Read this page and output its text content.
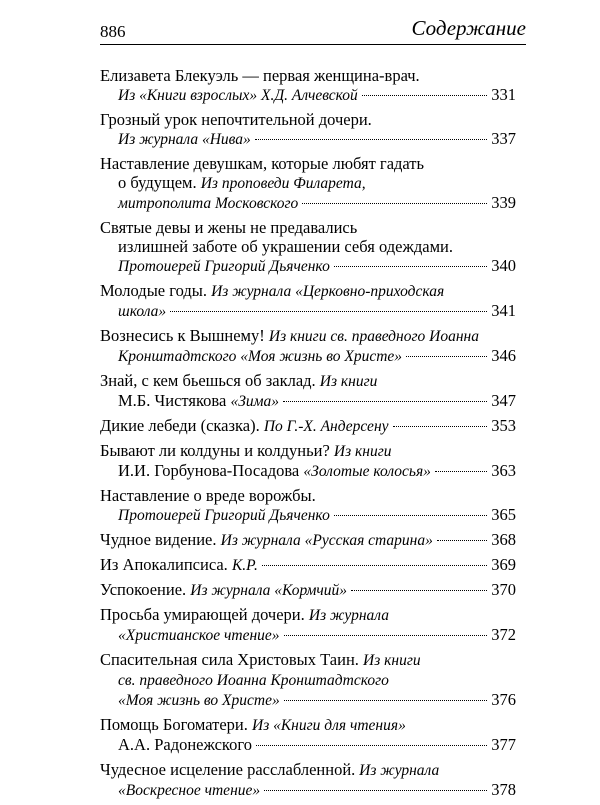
886	Содержание
Елизавета Блекуэль — первая женщина-врач.
Из «Книги взрослых» Х.Д. Алчевской	331
Грозный урок непочтительной дочери.
Из журнала «Нива»	337
Наставление девушкам, которые любят гадать
о будущем. Из проповеди Филарета,
митрополита Московского	339
Святые девы и жены не предавались
излишней заботе об украшении себя одеждами.
Протоиерей Григорий Дьяченко	340
Молодые годы. Из журнала «Церковно-приходская
школа»	341
Вознесись к Вышнему! Из книги св. праведного Иоанна
Кронштадтского «Моя жизнь во Христе»	346
Знай, с кем бьешься об заклад. Из книги
М.Б. Чистякова «Зима»	347
Дикие лебеди (сказка). По Г.-Х. Андерсену	353
Бывают ли колдуны и колдуньи? Из книги
И.И. Горбунова-Посадова «Золотые колосья»	363
Наставление о вреде ворожбы.
Протоиерей Григорий Дьяченко	365
Чудное видение. Из журнала «Русская старина»	368
Из Апокалипсиса. К.Р.	369
Успокоение. Из журнала «Кормчий»	370
Просьба умирающей дочери. Из журнала
«Христианское чтение»	372
Спасительная сила Христовых Таин. Из книги
св. праведного Иоанна Кронштадтского
«Моя жизнь во Христе»	376
Помощь Богоматери. Из «Книги для чтения»
А.А. Радонежского	377
Чудесное исцеление расслабленной. Из журнала
«Воскресное чтение»	378
